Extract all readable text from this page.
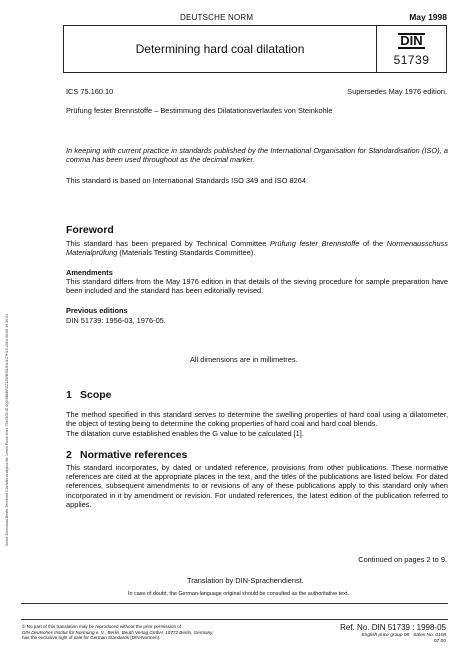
Sofort-Download-Beuth-Techtreet Clarivate Analytics Mr. Lewis Poole-Kdnr.7546105-ID.0QG6BMIRZZ1ZWBSNZNN1C7HL5.2018-06-08 16:30:04
DEUTSCHE NORM	May 1998
Determining hard coal dilatation
DIN
51739
ICS 75.160.10	Supersedes May 1976 edition.
Prüfung fester Brennstoffe – Bestimmung des Dilatationsverlaufes von Steinkohle
In keeping with current practice in standards published by the International Organisation for Standardisation (ISO), a comma has been used throughout as the decimal marker.
This standard is based on International Standards ISO 349 and ISO 8264.
Foreword
This standard has been prepared by Technical Committee Prüfung fester Brennstoffe of the Normenausschuss Materialprüfung (Materials Testing Standards Committee).
Amendments
This standard differs from the May 1976 edition in that details of the sieving procedure for sample preparation have been included and the standard has been editorially revised.
Previous editions
DIN 51739: 1956-03, 1976-05.
All dimensions are in millimetres.
1 Scope
The method specified in this standard serves to determine the swelling properties of hard coal using a dilatometer, the object of testing being to determine the coking properties of hard coal and hard coal blends.
The dilatation curve established enables the G value to be calculated [1].
2 Normative references
This standard incorporates, by dated or undated reference, provisions from other publications. These normative references are cited at the appropriate places in the text, and the titles of the publications are listed below. For dated references, subsequent amendments to or revisions of any of these publications apply to this standard only when incorporated in it by amendment or revision. For undated references, the latest edition of the publication referred to applies.
Continued on pages 2 to 9.
Translation by DIN-Sprachendienst.
In case of doubt, the German-language original should be consulted as the authoritative text.
© No part of this translation may be reproduced without the prior permission of
DIN Deutsches Institut für Normung e. V., Berlin. Beuth Verlag GmbH, 10772 Berlin, Germany,
has the exclusive right of sale for German Standards (DIN-Normen).
Ref. No. DIN 51739 : 1998-05
English price group 08 Sales No. 0108
07.00
